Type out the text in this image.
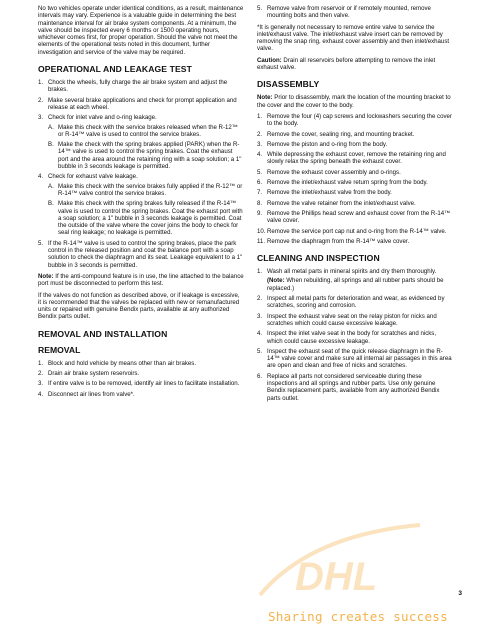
No two vehicles operate under identical conditions, as a result, maintenance intervals may vary. Experience is a valuable guide in determining the best maintenance interval for air brake system components. At a minimum, the valve should be inspected every 6 months or 1500 operating hours, whichever comes first, for proper operation. Should the valve not meet the elements of the operational tests noted in this document, further investigation and service of the valve may be required.

OPERATIONAL AND LEAKAGE TEST
1. Chock the wheels, fully charge the air brake system and adjust the brakes.
2. Make several brake applications and check for prompt application and release at each wheel.
3. Check for inlet valve and o-ring leakage.
A. Make this check with the service brakes released when the R-12™ or R-14™ valve is used to control the service brakes.
B. Make the check with the spring brakes applied (PARK) when the R-14™ valve is used to control the spring brakes. Coat the exhaust port and the area around the retaining ring with a soap solution; a 1" bubble in 3 seconds leakage is permitted.
4. Check for exhaust valve leakage.
A. Make this check with the service brakes fully applied if the R-12™ or R-14™ valve control the service brakes.
B. Make this check with the spring brakes fully released if the R-14™ valve is used to control the spring brakes. Coat the exhaust port with a soap solution; a 1" bubble in 3 seconds leakage is permitted. Coat the outside of the valve where the cover joins the body to check for seal ring leakage; no leakage is permitted.
5. If the R-14™ valve is used to control the spring brakes, place the park control in the released position and coat the balance port with a soap solution to check the diaphragm and its seat. Leakage equivalent to a 1" bubble in 3 seconds is permitted.

Note: If the anti-compound feature is in use, the line attached to the balance port must be disconnected to perform this test.

If the valves do not function as described above, or if leakage is excessive, it is recommended that the valves be replaced with new or remanufactured units or repaired with genuine Bendix parts, available at any authorized Bendix parts outlet.

REMOVAL AND INSTALLATION
REMOVAL
1. Block and hold vehicle by means other than air brakes.
2. Drain air brake system reservoirs.
3. If entire valve is to be removed, identify air lines to facilitate installation.
4. Disconnect air lines from valve*.
5. Remove valve from reservoir or if remotely mounted, remove mounting bolts and then valve.

*It is generally not necessary to remove entire valve to service the inlet/exhaust valve. The inlet/exhaust valve insert can be removed by removing the snap ring, exhaust cover assembly and then inlet/exhaust valve.

Caution: Drain all reservoirs before attempting to remove the inlet exhaust valve.

DISASSEMBLY

Note: Prior to disassembly, mark the location of the mounting bracket to the cover and the cover to the body.

1. Remove the four (4) cap screws and lockwashers securing the cover to the body.
2. Remove the cover, sealing ring, and mounting bracket.
3. Remove the piston and o-ring from the body.
4. While depressing the exhaust cover, remove the retaining ring and slowly relax the spring beneath the exhaust cover.
5. Remove the exhaust cover assembly and o-rings.
6. Remove the inlet/exhaust valve return spring from the body.
7. Remove the inlet/exhaust valve from the body.
8. Remove the valve retainer from the inlet/exhaust valve.
9. Remove the Phillips head screw and exhaust cover from the R-14™ valve cover.
10. Remove the service port cap nut and o-ring from the R-14™ valve.
11. Remove the diaphragm from the R-14™ valve cover.
CLEANING AND INSPECTION
1. Wash all metal parts in mineral spirits and dry them thoroughly.
(Note: When rebuilding, all springs and all rubber parts should be replaced.)
2. Inspect all metal parts for deterioration and wear, as evidenced by scratches, scoring and corrosion.
3. Inspect the exhaust valve seat on the relay piston for nicks and scratches which could cause excessive leakage.
4. Inspect the inlet valve seat in the body for scratches and nicks, which could cause excessive leakage.
5. Inspect the exhaust seat of the quick release diaphragm in the R-14™ valve cover and make sure all internal air passages in this area are open and clean and free of nicks and scratches.
6. Replace all parts not considered serviceable during these inspections and all springs and rubber parts. Use only genuine Bendix replacement parts, available from any authorized Bendix parts outlet.
DHL	3
Sharing creates success
